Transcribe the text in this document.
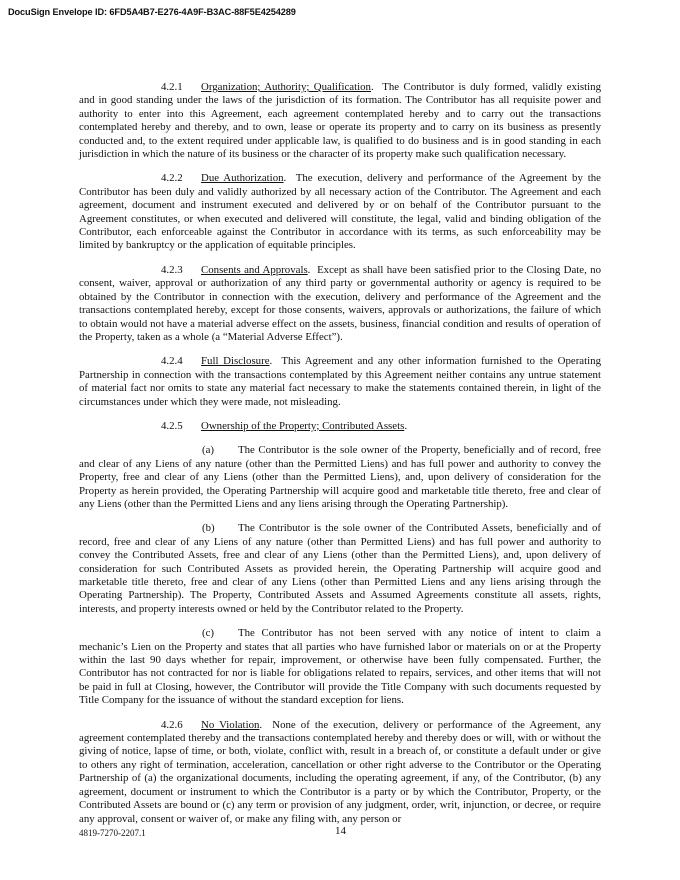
DocuSign Envelope ID: 6FD5A4B7-E276-4A9F-B3AC-88F5E4254289

4.2.1 Organization; Authority; Qualification.  The Contributor is duly formed, validly existing and in good standing under the laws of the jurisdiction of its formation. The Contributor has all requisite power and authority to enter into this Agreement, each agreement contemplated hereby and to carry out the transactions contemplated hereby and thereby, and to own, lease or operate its property and to carry on its business as presently conducted and, to the extent required under applicable law, is qualified to do business and is in good standing in each jurisdiction in which the nature of its business or the character of its property make such qualification necessary.

4.2.2 Due Authorization.  The execution, delivery and performance of the Agreement by the Contributor has been duly and validly authorized by all necessary action of the Contributor. The Agreement and each agreement, document and instrument executed and delivered by or on behalf of the Contributor pursuant to the Agreement constitutes, or when executed and delivered will constitute, the legal, valid and binding obligation of the Contributor, each enforceable against the Contributor in accordance with its terms, as such enforceability may be limited by bankruptcy or the application of equitable principles.

4.2.3 Consents and Approvals.  Except as shall have been satisfied prior to the Closing Date, no consent, waiver, approval or authorization of any third party or governmental authority or agency is required to be obtained by the Contributor in connection with the execution, delivery and performance of the Agreement and the transactions contemplated hereby, except for those consents, waivers, approvals or authorizations, the failure of which to obtain would not have a material adverse effect on the assets, business, financial condition and results of operation of the Property, taken as a whole (a “Material Adverse Effect”).

4.2.4 Full Disclosure.  This Agreement and any other information furnished to the Operating Partnership in connection with the transactions contemplated by this Agreement neither contains any untrue statement of material fact nor omits to state any material fact necessary to make the statements contained therein, in light of the circumstances under which they were made, not misleading.

4.2.5 Ownership of the Property; Contributed Assets.

(a) The Contributor is the sole owner of the Property, beneficially and of record, free and clear of any Liens of any nature (other than the Permitted Liens) and has full power and authority to convey the Property, free and clear of any Liens (other than the Permitted Liens), and, upon delivery of consideration for the Property as herein provided, the Operating Partnership will acquire good and marketable title thereto, free and clear of any Liens (other than the Permitted Liens and any liens arising through the Operating Partnership).

(b) The Contributor is the sole owner of the Contributed Assets, beneficially and of record, free and clear of any Liens of any nature (other than Permitted Liens) and has full power and authority to convey the Contributed Assets, free and clear of any Liens (other than the Permitted Liens), and, upon delivery of consideration for such Contributed Assets as provided herein, the Operating Partnership will acquire good and marketable title thereto, free and clear of any Liens (other than Permitted Liens and any liens arising through the Operating Partnership). The Property, Contributed Assets and Assumed Agreements constitute all assets, rights, interests, and property interests owned or held by the Contributor related to the Property.

(c) The Contributor has not been served with any notice of intent to claim a mechanic’s Lien on the Property and states that all parties who have furnished labor or materials on or at the Property within the last 90 days whether for repair, improvement, or otherwise have been fully compensated. Further, the Contributor has not contracted for nor is liable for obligations related to repairs, services, and other items that will not be paid in full at Closing, however, the Contributor will provide the Title Company with such documents requested by Title Company for the issuance of without the standard exception for liens.

4.2.6 No Violation.  None of the execution, delivery or performance of the Agreement, any agreement contemplated thereby and the transactions contemplated hereby and thereby does or will, with or without the giving of notice, lapse of time, or both, violate, conflict with, result in a breach of, or constitute a default under or give to others any right of termination, acceleration, cancellation or other right adverse to the Contributor or the Operating Partnership of (a) the organizational documents, including the operating agreement, if any, of the Contributor, (b) any agreement, document or instrument to which the Contributor is a party or by which the Contributor, Property, or the Contributed Assets are bound or (c) any term or provision of any judgment, order, writ, injunction, or decree, or require any approval, consent or waiver of, or make any filing with, any person or

4819-7270-2207.1	14
